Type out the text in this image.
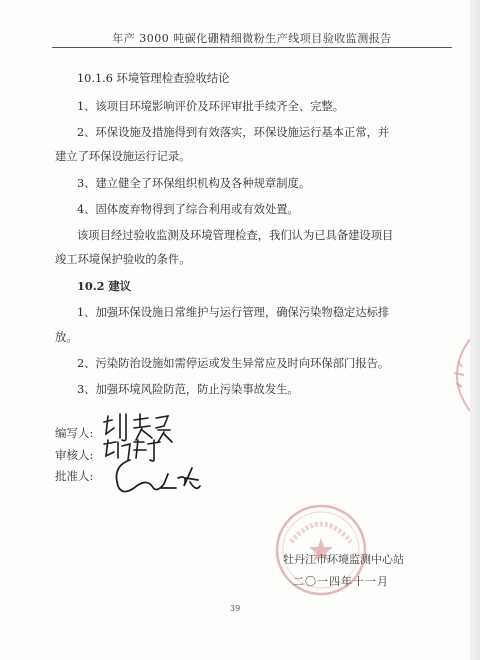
年产 3000 吨碳化硼精细微粉生产线项目验收监测报告
10.1.6 环境管理检查验收结论
1、该项目环境影响评价及环评审批手续齐全、完整。
2、环保设施及措施得到有效落实，环保设施运行基本正常，并
建立了环保设施运行记录。
3、建立健全了环保组织机构及各种规章制度。
4、固体废弃物得到了综合利用或有效处置。
该项目经过验收监测及环境管理检查，我们认为已具备建设项目
竣工环境保护验收的条件。
10.2 建议
1、加强环保设施日常维护与运行管理，确保污染物稳定达标排
放。
2、污染防治设施如需停运或发生异常应及时向环保部门报告。
3、加强环境风险防范，防止污染事故发生。
编写人:
审核人:
批准人:
牡丹江市环境监测中心站
二〇一四年十一月
39
